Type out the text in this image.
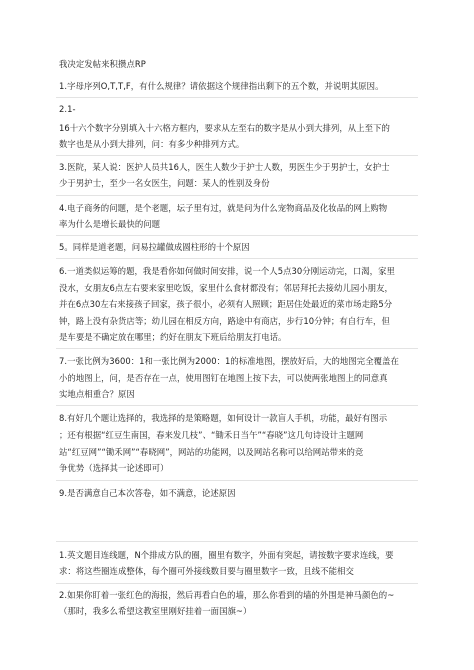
我决定发帖来积攒点RP
1.字母序列O,T,T,F，有什么规律？请依据这个规律指出剩下的五个数，并说明其原因。
2.1-
16十六个数字分别填入十六格方框内，要求从左至右的数字是从小到大排列，从上至下的
数字也是从小到大排列，问：有多少种排列方式。
3.医院，某人说：医护人员共16人，医生人数少于护士人数，男医生少于男护士，女护士
少于男护士，至少一名女医生，问题：某人的性别及身份
4.电子商务的问题，是个老题，坛子里有过，就是问为什么宠物商品及化妆品的网上购物
率为什么是增长最快的问题
5。同样是道老题，问易拉罐做成圆柱形的十个原因
6.一道类似运筹的题，我是看你如何做时间安排，说一个人5点30分刚运动完，口渴，家里
没水，女朋友6点左右要来家里吃饭，家里什么食材都没有；邻居拜托去接幼儿园小朋友，
并在6点30左右来接孩子回家，孩子很小，必须有人照顾；距居住处最近的菜市场走路5分
钟，路上没有杂货店等；幼儿园在相反方向，路途中有商店，步行10分钟；有自行车，但
是车要是不确定放在哪里；约好在朋友下班后给朋友打电话。
7.一张比例为3600：1和一张比例为2000：1的标准地图，摆放好后，大的地图完全覆盖在
小的地图上，问，是否存在一点，使用图钉在地图上按下去，可以使两张地图上的同意真
实地点相重合？原因
8.有好几个题让选择的，我选择的是策略题，如何设计一款盲人手机，功能，最好有图示
；还有根据“红豆生南国，春来发几枝”、“锄禾日当午”“春晓”这几句诗设计主题网
站“红豆网”“锄禾网”“春晓网”，网站的功能网，以及网站名称可以给网站带来的竞
争优势（选择其一论述即可）
9.是否满意自己本次答卷，如不满意，论述原因
1.英文题目连线题，N个排成方队的圈，圈里有数字，外面有突起，请按数字要求连线，要
求：将这些圈连成整体，每个圈可外接线数目要与圈里数字一致，且线不能相交
2.如果你盯着一张红色的海报，然后再看白色的墙，那么你看到的墙的外围是神马颜色的~
（那时，我多么希望这教室里刚好挂着一面国旗~）
